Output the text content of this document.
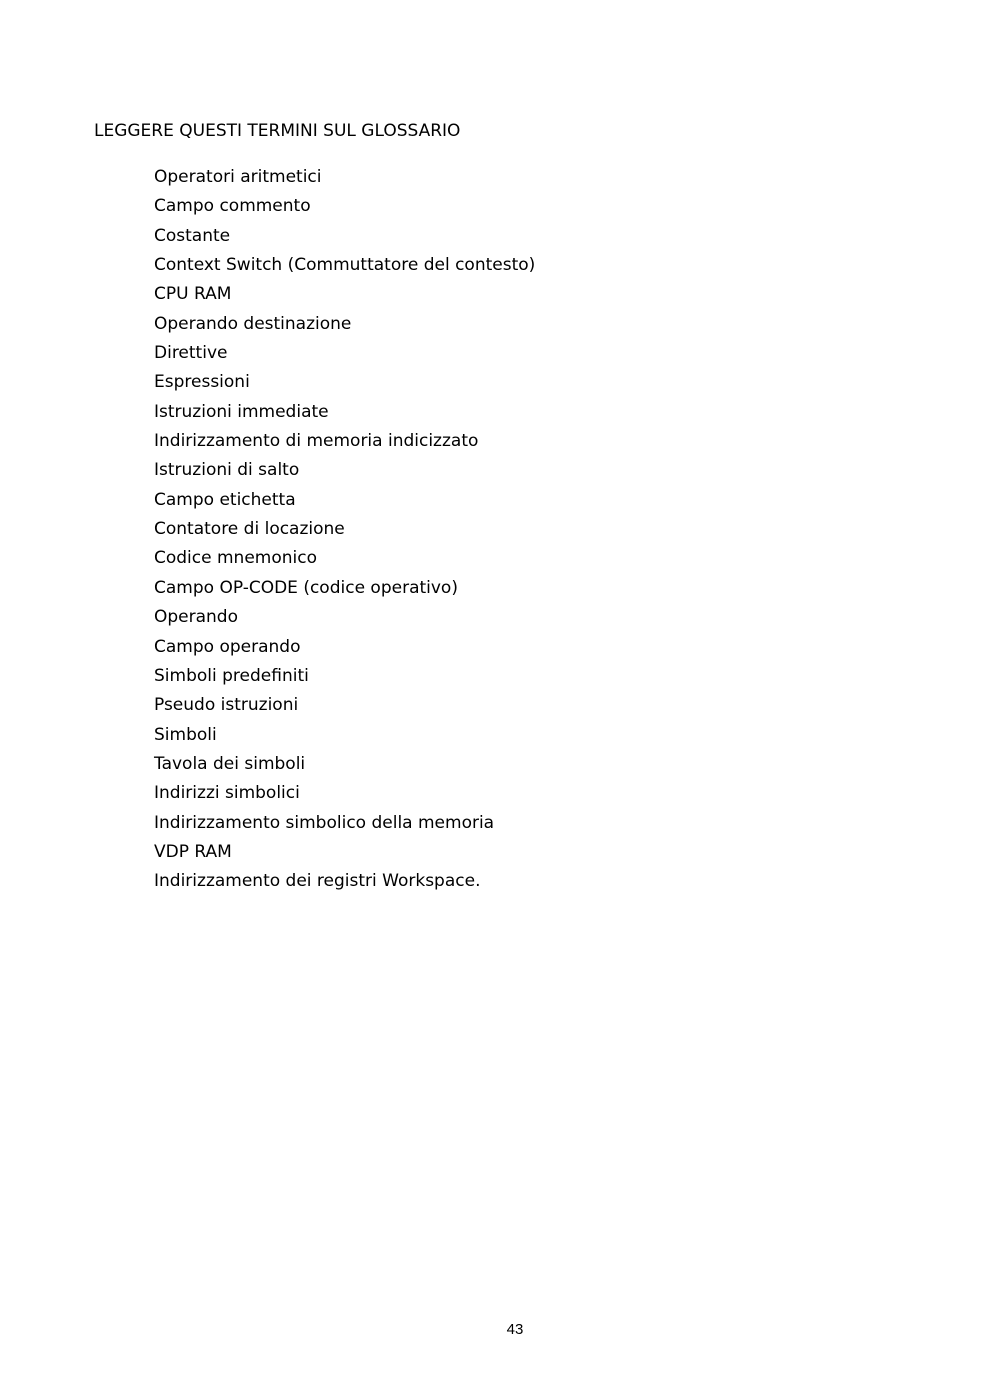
LEGGERE QUESTI TERMINI SUL GLOSSARIO
Operatori aritmetici
Campo commento
Costante
Context Switch (Commuttatore del contesto)
CPU RAM
Operando destinazione
Direttive
Espressioni
Istruzioni immediate
Indirizzamento di memoria indicizzato
Istruzioni di salto
Campo etichetta
Contatore di locazione
Codice mnemonico
Campo OP-CODE (codice operativo)
Operando
Campo operando
Simboli predefiniti
Pseudo istruzioni
Simboli
Tavola dei simboli
Indirizzi simbolici
Indirizzamento simbolico della memoria
VDP RAM
Indirizzamento dei registri Workspace.
43
